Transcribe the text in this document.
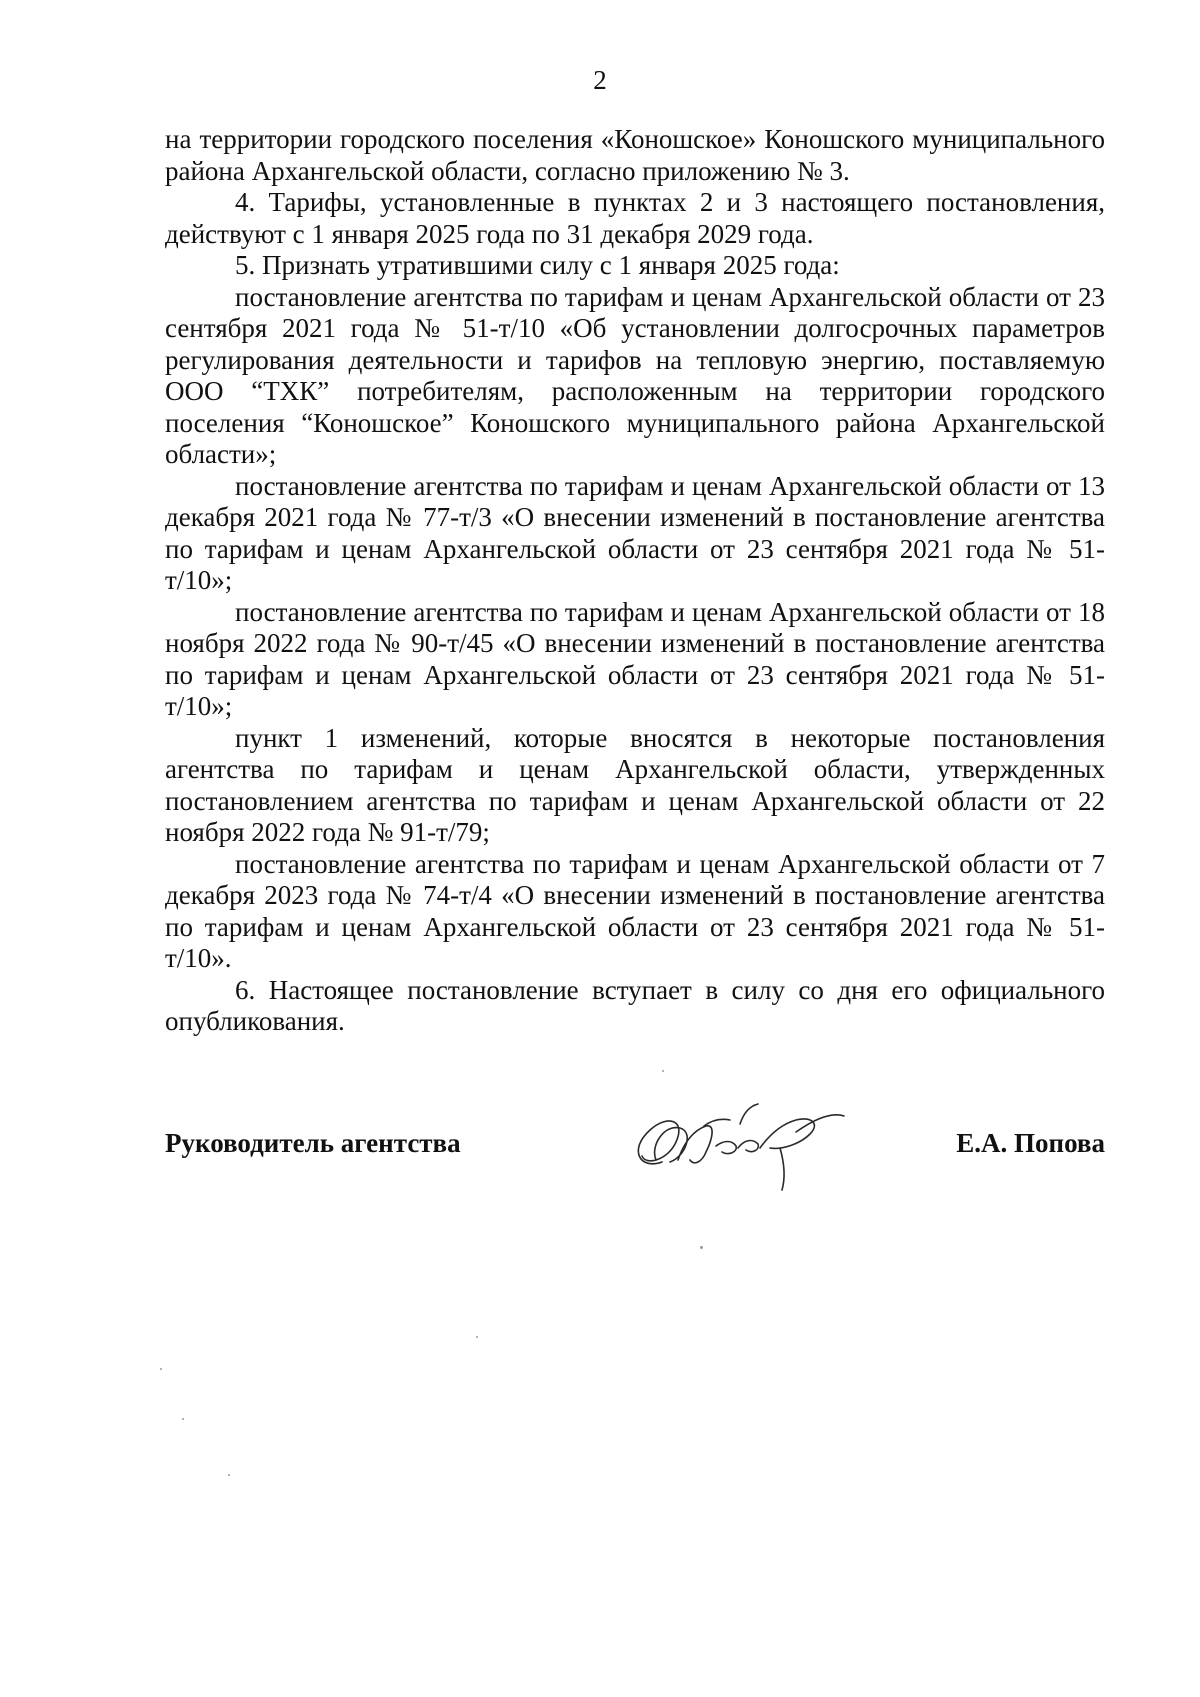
2

на территории городского поселения «Коношское» Коношского муниципального района Архангельской области, согласно приложению № 3.

4. Тарифы, установленные в пунктах 2 и 3 настоящего постановления, действуют с 1 января 2025 года по 31 декабря 2029 года.

5. Признать утратившими силу с 1 января 2025 года:

постановление агентства по тарифам и ценам Архангельской области от 23 сентября 2021 года № 51-т/10 «Об установлении долгосрочных параметров регулирования деятельности и тарифов на тепловую энергию, поставляемую ООО “ТХК” потребителям, расположенным на территории городского поселения “Коношское” Коношского муниципального района Архангельской области»;

постановление агентства по тарифам и ценам Архангельской области от 13 декабря 2021 года № 77-т/3 «О внесении изменений в постановление агентства по тарифам и ценам Архангельской области от 23 сентября 2021 года № 51-т/10»;

постановление агентства по тарифам и ценам Архангельской области от 18 ноября 2022 года № 90-т/45 «О внесении изменений в постановление агентства по тарифам и ценам Архангельской области от 23 сентября 2021 года № 51-т/10»;

пункт 1 изменений, которые вносятся в некоторые постановления агентства по тарифам и ценам Архангельской области, утвержденных постановлением агентства по тарифам и ценам Архангельской области от 22 ноября 2022 года № 91-т/79;

постановление агентства по тарифам и ценам Архангельской области от 7 декабря 2023 года № 74-т/4 «О внесении изменений в постановление агентства по тарифам и ценам Архангельской области от 23 сентября 2021 года № 51-т/10».

6. Настоящее постановление вступает в силу со дня его официального опубликования.

Руководитель агентства	Е.А. Попова
